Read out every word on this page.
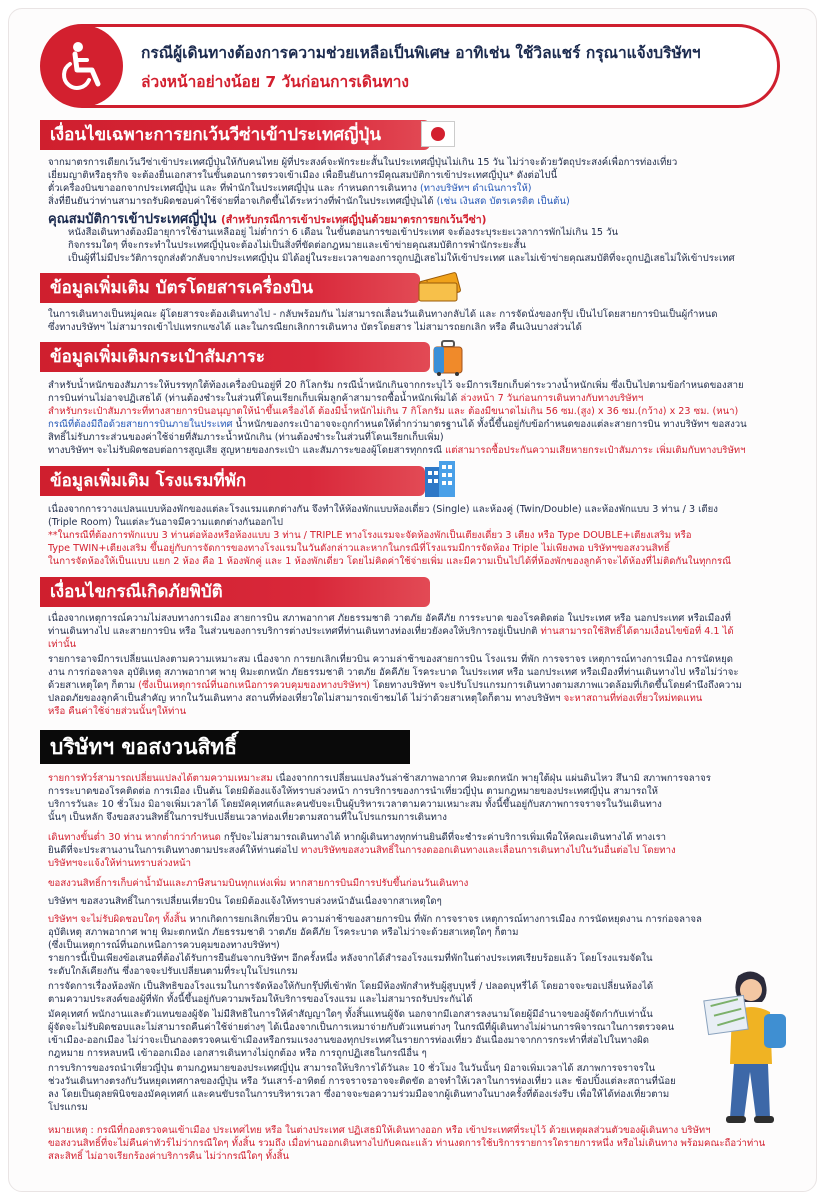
กรณีผู้เดินทางต้องการความช่วยเหลือเป็นพิเศษ อาทิเช่น ใช้วิลแชร์ กรุณาแจ้งบริษัทฯ
ล่วงหน้าอย่างน้อย 7 วันก่อนการเดินทาง
เงื่อนไขเฉพาะการยกเว้นวีซ่าเข้าประเทศญี่ปุ่น
จากมาตรการเดียกเว้นวีซ่าเข้าประเทศญี่ปุ่นให้กับคนไทย ผู้ที่ประสงค์จะพักระยะสั้นในประเทศญี่ปุ่นไม่เกิน 15 วัน ไม่ว่าจะด้วยวัตถุประสงค์เพื่อการท่องเที่ยว
เยี่ยมญาติหรือธุรกิจ จะต้องยื่นเอกสารในขั้นตอนการตรวจเข้าเมือง เพื่อยืนยันการมีคุณสมบัติการเข้าประเทศญี่ปุ่น* ดังต่อไปนี้
ตั๋วเครื่องบินขาออกจากประเทศญี่ปุ่น และ ที่พำนักในประเทศญี่ปุ่น และ กำหนดการเดินทาง (ทางบริษัทฯ ดำเนินการให้)
สิ่งที่ยืนยันว่าท่านสามารถรับผิดชอบค่าใช้จ่ายที่อาจเกิดขึ้นได้ระหว่างที่พำนักในประเทศญี่ปุ่นได้ (เช่น เงินสด บัตรเครดิต เป็นต้น)
คุณสมบัติการเข้าประเทศญี่ปุ่น (สำหรับกรณีการเข้าประเทศญี่ปุ่นด้วยมาตรการยกเว้นวีซ่า)
หนังสือเดินทางต้องมีอายุการใช้งานเหลืออยู่ ไม่ต่ำกว่า 6 เดือน ในขั้นตอนการขอเข้าประเทศ จะต้องระบุระยะเวลาการพักไม่เกิน 15 วัน
กิจกรรมใดๆ ที่จะกระทำในประเทศญี่ปุ่นจะต้องไม่เป็นสิ่งที่ขัดต่อกฎหมายและเข้าข่ายคุณสมบัติการพำนักระยะสั้น
เป็นผู้ที่ไม่มีประวัติการถูกส่งตัวกลับจากประเทศญี่ปุ่น มิได้อยู่ในระยะเวลาของการถูกปฏิเสธไม่ให้เข้าประเทศ และไม่เข้าข่ายคุณสมบัติที่จะถูกปฏิเสธไม่ให้เข้าประเทศ
ข้อมูลเพิ่มเติม บัตรโดยสารเครื่องบิน
ในการเดินทางเป็นหมู่คณะ ผู้โดยสารจะต้องเดินทางไป - กลับพร้อมกัน ไม่สามารถเลื่อนวันเดินทางกลับได้ และ การจัดนั่งของกรุ๊ป เป็นไปโดยสายการบินเป็นผู้กำหนด
ซึ่งทางบริษัทฯ ไม่สามารถเข้าไปแทรกแซงได้ และในกรณียกเลิกการเดินทาง บัตรโดยสาร ไม่สามารถยกเลิก หรือ คืนเงินบางส่วนได้
ข้อมูลเพิ่มเติมกระเป๋าสัมภาระ
สำหรับน้ำหนักของสัมภาระให้บรรทุกใต้ท้องเครื่องบินอยู่ที่ 20 กิโลกรัม กรณีน้ำหนักเกินจากกระบุไว้ จะมีการเรียกเก็บค่าระวางน้ำหนักเพิ่ม ซึ่งเป็นไปตามข้อกำหนดของสาย
การบินท่านไม่อาจปฏิเสธได้ (ท่านต้องชำระในส่วนที่โดนเรียกเก็บเพิ่มลูกค้าสามารถซื้อน้ำหนักเพิ่มได้ ล่วงหน้า 7 วันก่อนการเดินทางกับทางบริษัทฯ
สำหรับกระเป๋าสัมภาระที่ทางสายการบินอนุญาตให้นำขึ้นเครื่องได้ ต้องมีน้ำหนักไม่เกิน 7 กิโลกรัม และ ต้องมีขนาดไม่เกิน 56 ซม.(สูง) x 36 ซม.(กว้าง) x 23 ซม. (หนา)
กรณีที่ต้องมีถือด้วยสายการบินภายในประเทศ น้ำหนักของกระเป๋าอาจจะถูกกำหนดให้ต่ำกว่ามาตรฐานได้ ทั้งนี้ขึ้นอยู่กับข้อกำหนดของแต่ละสายการบิน ทางบริษัทฯ ขอสงวน
สิทธิ์ไม่รับภาระส่วนของค่าใช้จ่ายที่สัมภาระน้ำหนักเกิน (ท่านต้องชำระในส่วนที่โดนเรียกเก็บเพิ่ม)
ทางบริษัทฯ จะไม่รับผิดชอบต่อการสูญเสีย สูญหายของกระเป๋า และสัมภาระของผู้โดยสารทุกกรณี แต่สามารถซื้อประกันความเสียหายกระเป๋าสัมภาระ เพิ่มเติมกับทางบริษัทฯ
ข้อมูลเพิ่มเติม โรงแรมที่พัก
เนื่องจากการวางแปลนแบบห้องพักของแต่ละโรงแรมแตกต่างกัน จึงทำให้ห้องพักแบบห้องเดี่ยว (Single) และห้องคู่ (Twin/Double) และห้องพักแบบ 3 ท่าน / 3 เตียง
(Triple Room) ในแต่ละวันอาจมีความแตกต่างกันออกไป
**ในกรณีที่ต้องการพักแบบ 3 ท่านต่อห้องหรือห้องแบบ 3 ท่าน / TRIPLE ทางโรงแรมจะจัดห้องพักเป็นเตียงเดี่ยว 3 เตียง หรือ Type DOUBLE+เตียงเสริม หรือ
Type TWIN+เตียงเสริม ขึ้นอยู่กับการจัดการของทางโรงแรมในวันดังกล่าวและหากในกรณีที่โรงแรมมีการจัดห้อง Triple ไม่เพียงพอ บริษัทฯขอสงวนสิทธิ์
ในการจัดห้องให้เป็นแบบ แยก 2 ห้อง คือ 1 ห้องพักคู่ และ 1 ห้องพักเดี่ยว โดยไม่คิดค่าใช้จ่ายเพิ่ม และมีความเป็นไปได้ที่ห้องพักของลูกค้าจะได้ห้องที่ไม่ติดกันในทุกกรณี
เงื่อนไขกรณีเกิดภัยพิบัติ
เนื่องจากเหตุการณ์ความไม่สงบทางการเมือง สายการบิน สภาพอากาศ ภัยธรรมชาติ วาตภัย อัคคีภัย การระบาด ของโรคติดต่อ ในประเทศ หรือ นอกประเทศ หรือเมืองที่
ท่านเดินทางไป และสายการบิน หรือ ในส่วนของการบริการต่างประเทศที่ท่านเดินทางท่องเที่ยวยังคงให้บริการอยู่เป็นปกติ ท่านสามารถใช้สิทธิ์ได้ตามเงื่อนไขข้อที่ 4.1 ได้
เท่านั้น
รายการอาจมีการเปลี่ยนแปลงตามความเหมาะสม เนื่องจาก การยกเลิกเที่ยวบิน ความล่าช้าของสายการบิน โรงแรม ที่พัก การจราจร เหตุการณ์ทางการเมือง การนัดหยุด
งาน การก่อจลาจล อุบัติเหตุ สภาพอากาศ พายุ หิมะตกหนัก ภัยธรรมชาติ วาตภัย อัคคีภัย โรคระบาด ในประเทศ หรือ นอกประเทศ หรือเมืองที่ท่านเดินทางไป หรือไม่ว่าจะ
ด้วยสาเหตุใดๆ ก็ตาม (ซึ่งเป็นเหตุการณ์ที่นอกเหนือการควบคุมของทางบริษัทฯ) โดยทางบริษัทฯ จะปรับโปรแกรมการเดินทางตามสภาพแวดล้อมที่เกิดขึ้นโดยคำนึงถึงความ
ปลอดภัยของลูกค้าเป็นสำคัญ หากในวันเดินทาง สถานที่ท่องเที่ยวใดไม่สามารถเข้าชมได้ ไม่ว่าด้วยสาเหตุใดก็ตาม ทางบริษัทฯ จะหาสถานที่ท่องเที่ยวใหม่ทดแทน
หรือ คืนค่าใช้จ่ายส่วนนั้นๆให้ท่าน
บริษัทฯ ขอสงวนสิทธิ์
รายการทัวร์สามารถเปลี่ยนแปลงได้ตามความเหมาะสม เนื่องจากการเปลี่ยนแปลงวันล่าช้าสภาพอากาศ หิมะตกหนัก พายุใต้ฝุ่น แผ่นดินไหว สึนามิ สภาพการจลาจร
การระบาดของโรคติดต่อ การเมือง เป็นต้น โดยมิต้องแจ้งให้ทราบล่วงหน้า การบริการของการนำเที่ยวญี่ปุ่น ตามกฎหมายของประเทศญี่ปุ่น สามารถให้
บริการวันละ 10 ชั่วโมง มิอาจเพิ่มเวลาได้ โดยมัคคุเทศก์และคนขับจะเป็นผู้บริหารเวลาตามความเหมาะสม ทั้งนี้ขึ้นอยู่กับสภาพการจราจรในวันเดินทาง
นั้นๆ เป็นหลัก จึงขอสงวนสิทธิ์ในการปรับเปลี่ยนเวลาท่องเที่ยวตามสถานที่ในโปรแกรมการเดินทาง
เดินทางขั้นต่ำ 30 ท่าน หากต่ำกว่ากำหนด กรุ๊ปจะไม่สามารถเดินทางได้ หากผู้เดินทางทุกท่านยินดีที่จะชำระค่าบริการเพิ่มเพื่อให้คณะเดินทางได้ ทางเรา
ยินดีที่จะประสานงานในการเดินทางตามประสงค์ให้ท่านต่อไป ทางบริษัทขอสงวนสิทธิ์ในการงดออกเดินทางและเลื่อนการเดินทางไปในวันอื่นต่อไป โดยทาง
บริษัทฯจะแจ้งให้ท่านทราบล่วงหน้า
ขอสงวนสิทธิ์การเก็บค่าน้ำมันและภาษีสนามบินทุกแห่งเพิ่ม หากสายการบินมีการปรับขึ้นก่อนวันเดินทาง
บริษัทฯ ขอสงวนสิทธิ์ในการเปลี่ยนเที่ยวบิน โดยมิต้องแจ้งให้ทราบล่วงหน้าอันเนื่องจากสาเหตุใดๆ
บริษัทฯ จะไม่รับผิดชอบใดๆ ทั้งสิ้น หากเกิดการยกเลิกเที่ยวบิน ความล่าช้าของสายการบิน ที่พัก การจราจร เหตุการณ์ทางการเมือง การนัดหยุดงาน การก่อจลาจล
อุบัติเหตุ สภาพอากาศ พายุ หิมะตกหนัก ภัยธรรมชาติ วาตภัย อัคคีภัย โรคระบาด หรือไม่ว่าจะด้วยสาเหตุใดๆ ก็ตาม
(ซึ่งเป็นเหตุการณ์ที่นอกเหนือการควบคุมของทางบริษัทฯ)
รายการนี้เป็นเพียงข้อเสนอที่ต้องได้รับการยืนยันจากบริษัทฯ อีกครั้งหนึ่ง หลังจากได้สำรองโรงแรมที่พักในต่างประเทศเรียบร้อยแล้ว โดยโรงแรมจัดใน
ระดับใกล้เคียงกัน ซึ่งอาจจะปรับเปลี่ยนตามที่ระบุในโปรแกรม
การจัดการเรื่องห้องพัก เป็นสิทธิของโรงแรมในการจัดห้องให้กับกรุ๊ปที่เข้าพัก โดยมีห้องพักสำหรับผู้สูบบุหรี่ / ปลอดบุหรี่ได้ โดยอาจจะขอเปลี่ยนห้องได้
ตามความประสงค์ของผู้ที่พัก ทั้งนี้ขึ้นอยู่กับความพร้อมให้บริการของโรงแรม และไม่สามารถรับประกันได้
มัคคุเทศก์ พนักงานและตัวแทนของผู้จัด ไม่มีสิทธิในการให้คำสัญญาใดๆ ทั้งสิ้นแทนผู้จัด นอกจากมีเอกสารลงนามโดยผู้มีอำนาจของผู้จัดกำกับเท่านั้น
ผู้จัดจะไม่รับผิดชอบและไม่สามารถคืนค่าใช้จ่ายต่างๆ ได้เนื่องจากเป็นการเหมาจ่ายกับตัวแทนต่างๆ ในกรณีที่ผู้เดินทางไม่ผ่านการพิจารณาในการตรวจคน
เข้าเมือง-ออกเมือง ไม่ว่าจะเป็นกองตรวจคนเข้าเมืองหรือกรมแรงงานของทุกประเทศในรายการท่องเที่ยว อันเนื่องมาจากการกระทำที่ส่อไปในทางผิด
กฎหมาย การหลบหนี เข้าออกเมือง เอกสารเดินทางไม่ถูกต้อง หรือ การถูกปฏิเสธในกรณีอื่น ๆ
การบริการของรถนำเที่ยวญี่ปุ่น ตามกฎหมายของประเทศญี่ปุ่น สามารถให้บริการได้วันละ 10 ชั่วโมง ในวันนั้นๆ มิอาจเพิ่มเวลาได้ สภาพการจราจรใน
ช่วงวันเดินทางตรงกับวันหยุดเทศกาลของญี่ปุ่น หรือ วันเสาร์-อาทิตย์ การจราจรอาจจะติดขัด อาจทำให้เวลาในการท่องเที่ยว และ ช้อปปิ้งแต่ละสถานที่น้อย
ลง โดยเป็นดุลยพินิจของมัคคุเทศก์ และคนขับรถในการบริหารเวลา ซึ่งอาจจะขอความร่วมมือจากผู้เดินทางในบางครั้งที่ต้องเร่งรีบ เพื่อให้ได้ท่องเที่ยวตาม
โปรแกรม
หมายเหตุ : กรณีที่กองตรวจคนเข้าเมือง ประเทศไทย หรือ ในต่างประเทศ ปฏิเสธมิให้เดินทางออก หรือ เข้าประเทศที่ระบุไว้ ด้วยเหตุผลส่วนตัวของผู้เดินทาง บริษัทฯ
ขอสงวนสิทธิ์ที่จะไม่คืนค่าทัวร์ไม่ว่ากรณีใดๆ ทั้งสิ้น รวมถึง เมื่อท่านออกเดินทางไปกับคณะแล้ว ท่านงดการใช้บริการรายการใดรายการหนึ่ง หรือไม่เดินทาง พร้อมคณะถือว่าท่าน
สละสิทธิ์ ไม่อาจเรียกร้องค่าบริการคืน ไม่ว่ากรณีใดๆ ทั้งสิ้น
